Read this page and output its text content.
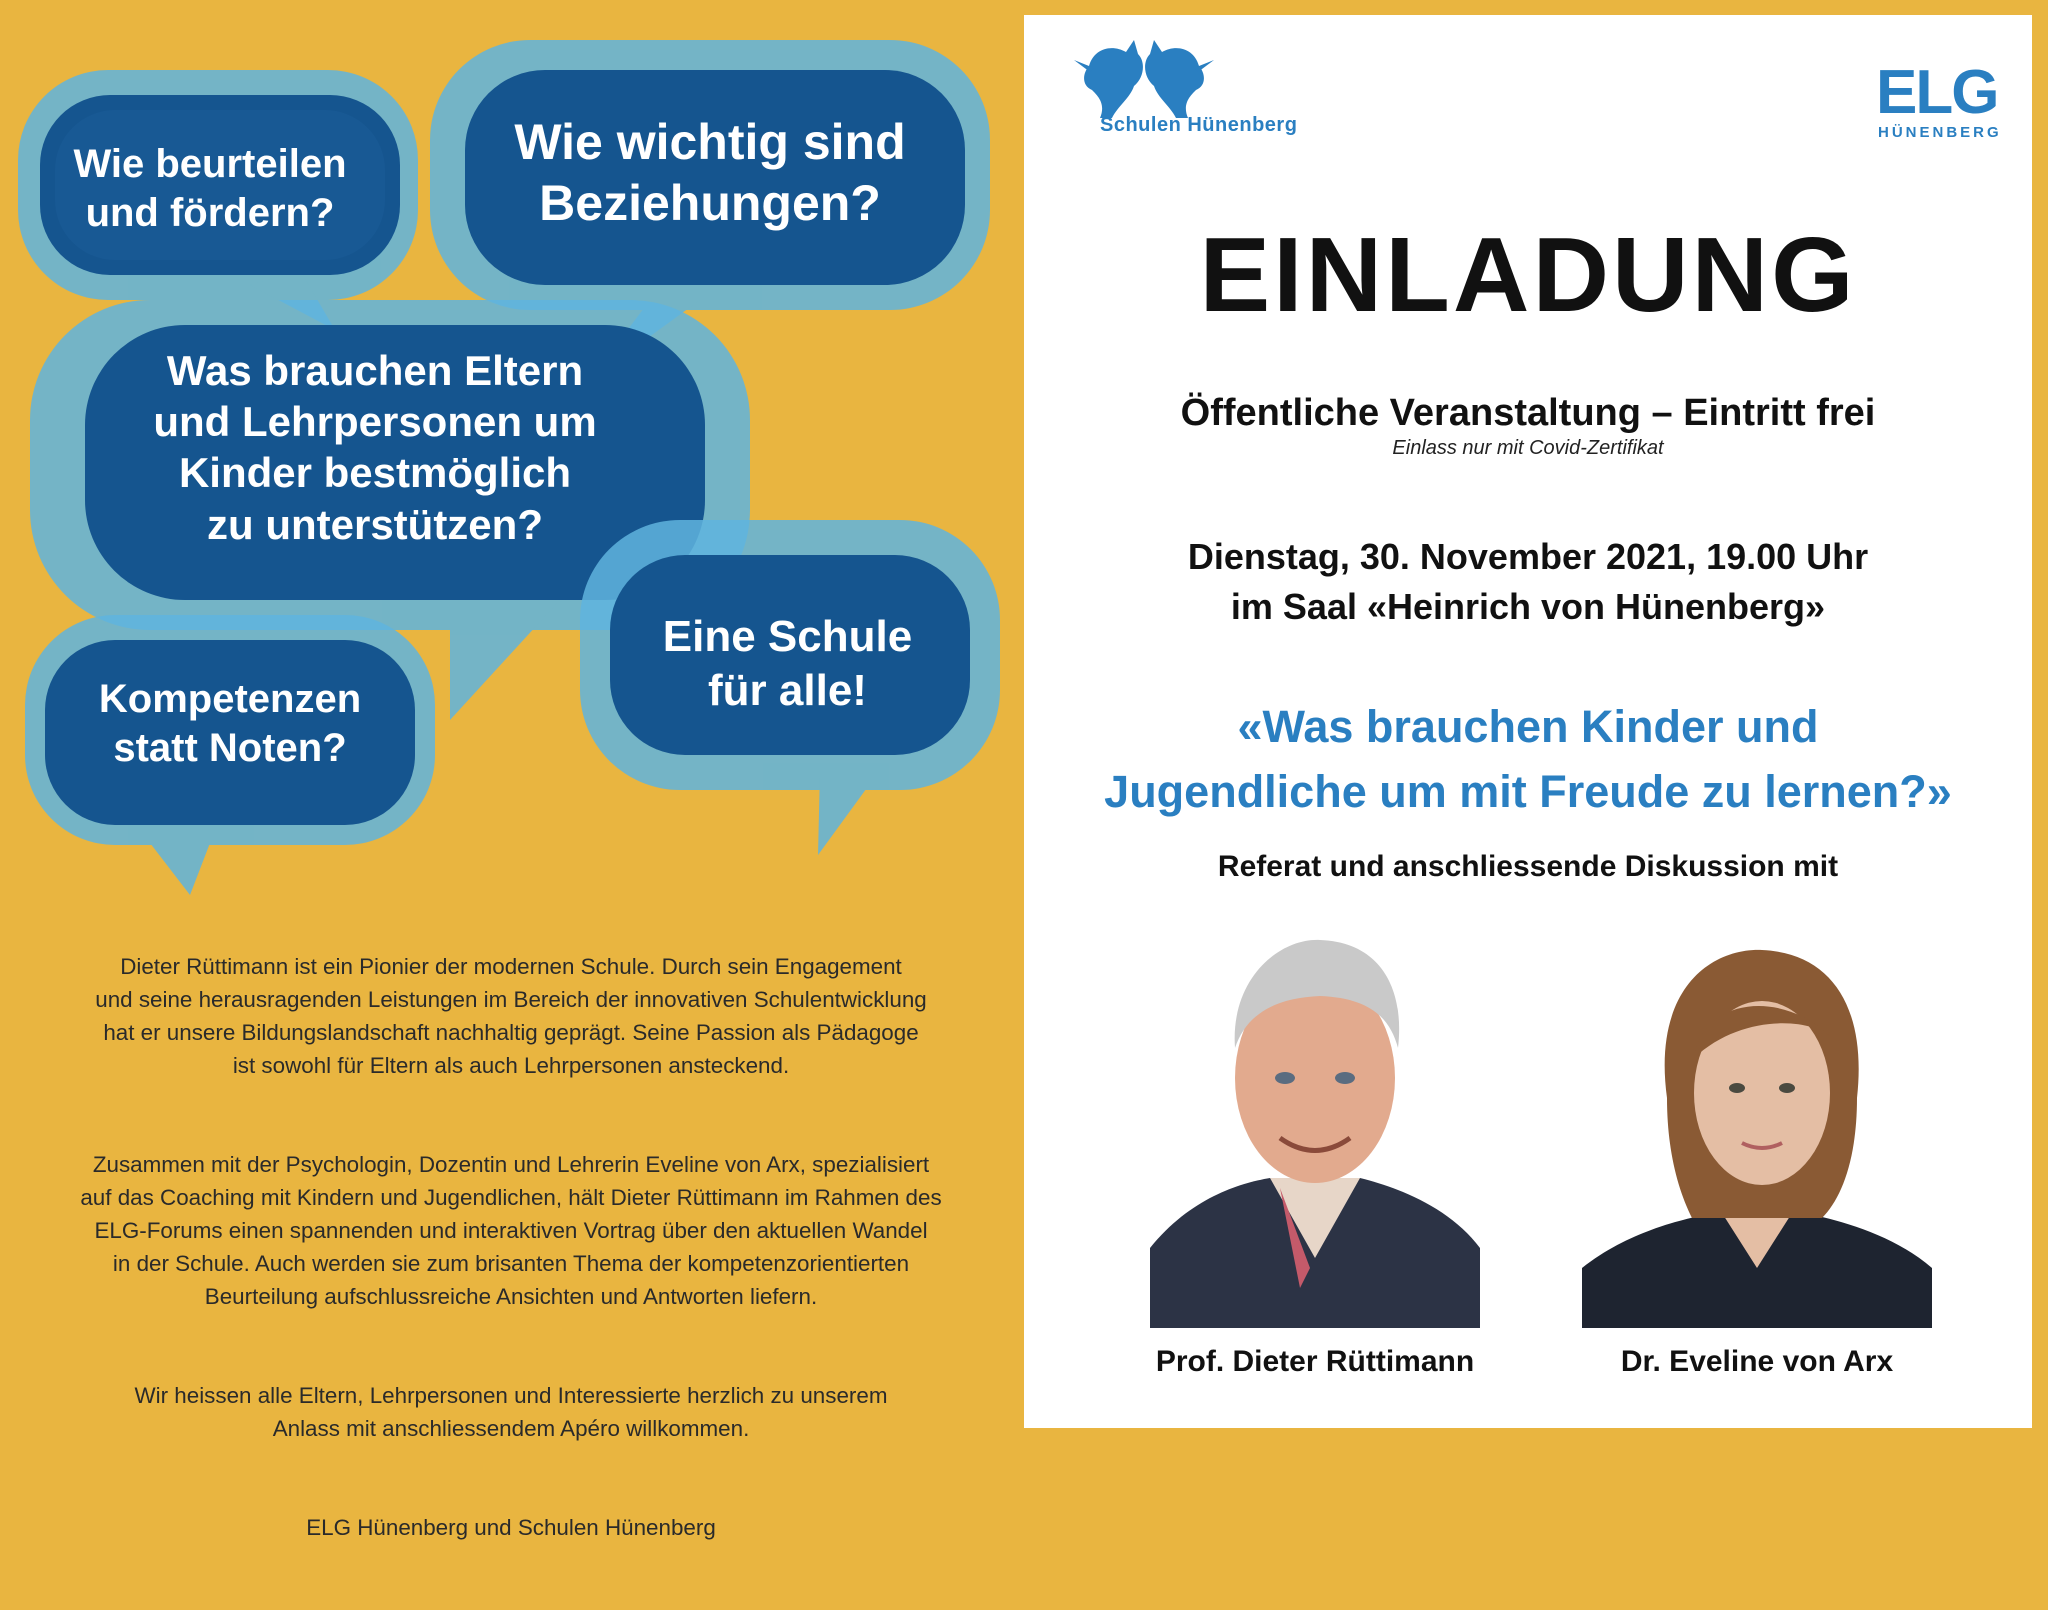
Wie beurteilen
und fördern?
Wie wichtig sind
Beziehungen?
Was brauchen Eltern
und Lehrpersonen um
Kinder bestmöglich
zu unterstützen?
Kompetenzen
statt Noten?
Eine Schule
für alle!

Dieter Rüttimann ist ein Pionier der modernen Schule. Durch sein Engagement
und seine herausragenden Leistungen im Bereich der innovativen Schulentwicklung
hat er unsere Bildungslandschaft nachhaltig geprägt. Seine Passion als Pädagoge
ist sowohl für Eltern als auch Lehrpersonen ansteckend.

Zusammen mit der Psychologin, Dozentin und Lehrerin Eveline von Arx, spezialisiert
auf das Coaching mit Kindern und Jugendlichen, hält Dieter Rüttimann im Rahmen des
ELG-Forums einen spannenden und interaktiven Vortrag über den aktuellen Wandel
in der Schule. Auch werden sie zum brisanten Thema der kompetenzorientierten
Beurteilung aufschlussreiche Ansichten und Antworten liefern.

Wir heissen alle Eltern, Lehrpersonen und Interessierte herzlich zu unserem
Anlass mit anschliessendem Apéro willkommen.

ELG Hünenberg und Schulen Hünenberg

Schulen Hünenberg	ELG
HÜNENBERG
EINLADUNG
Öffentliche Veranstaltung – Eintritt frei
Einlass nur mit Covid-Zertifikat
Dienstag, 30. November 2021, 19.00 Uhr
im Saal «Heinrich von Hünenberg»
«Was brauchen Kinder und
Jugendliche um mit Freude zu lernen?»
Referat und anschliessende Diskussion mit
Prof. Dieter Rüttimann	Dr. Eveline von Arx
